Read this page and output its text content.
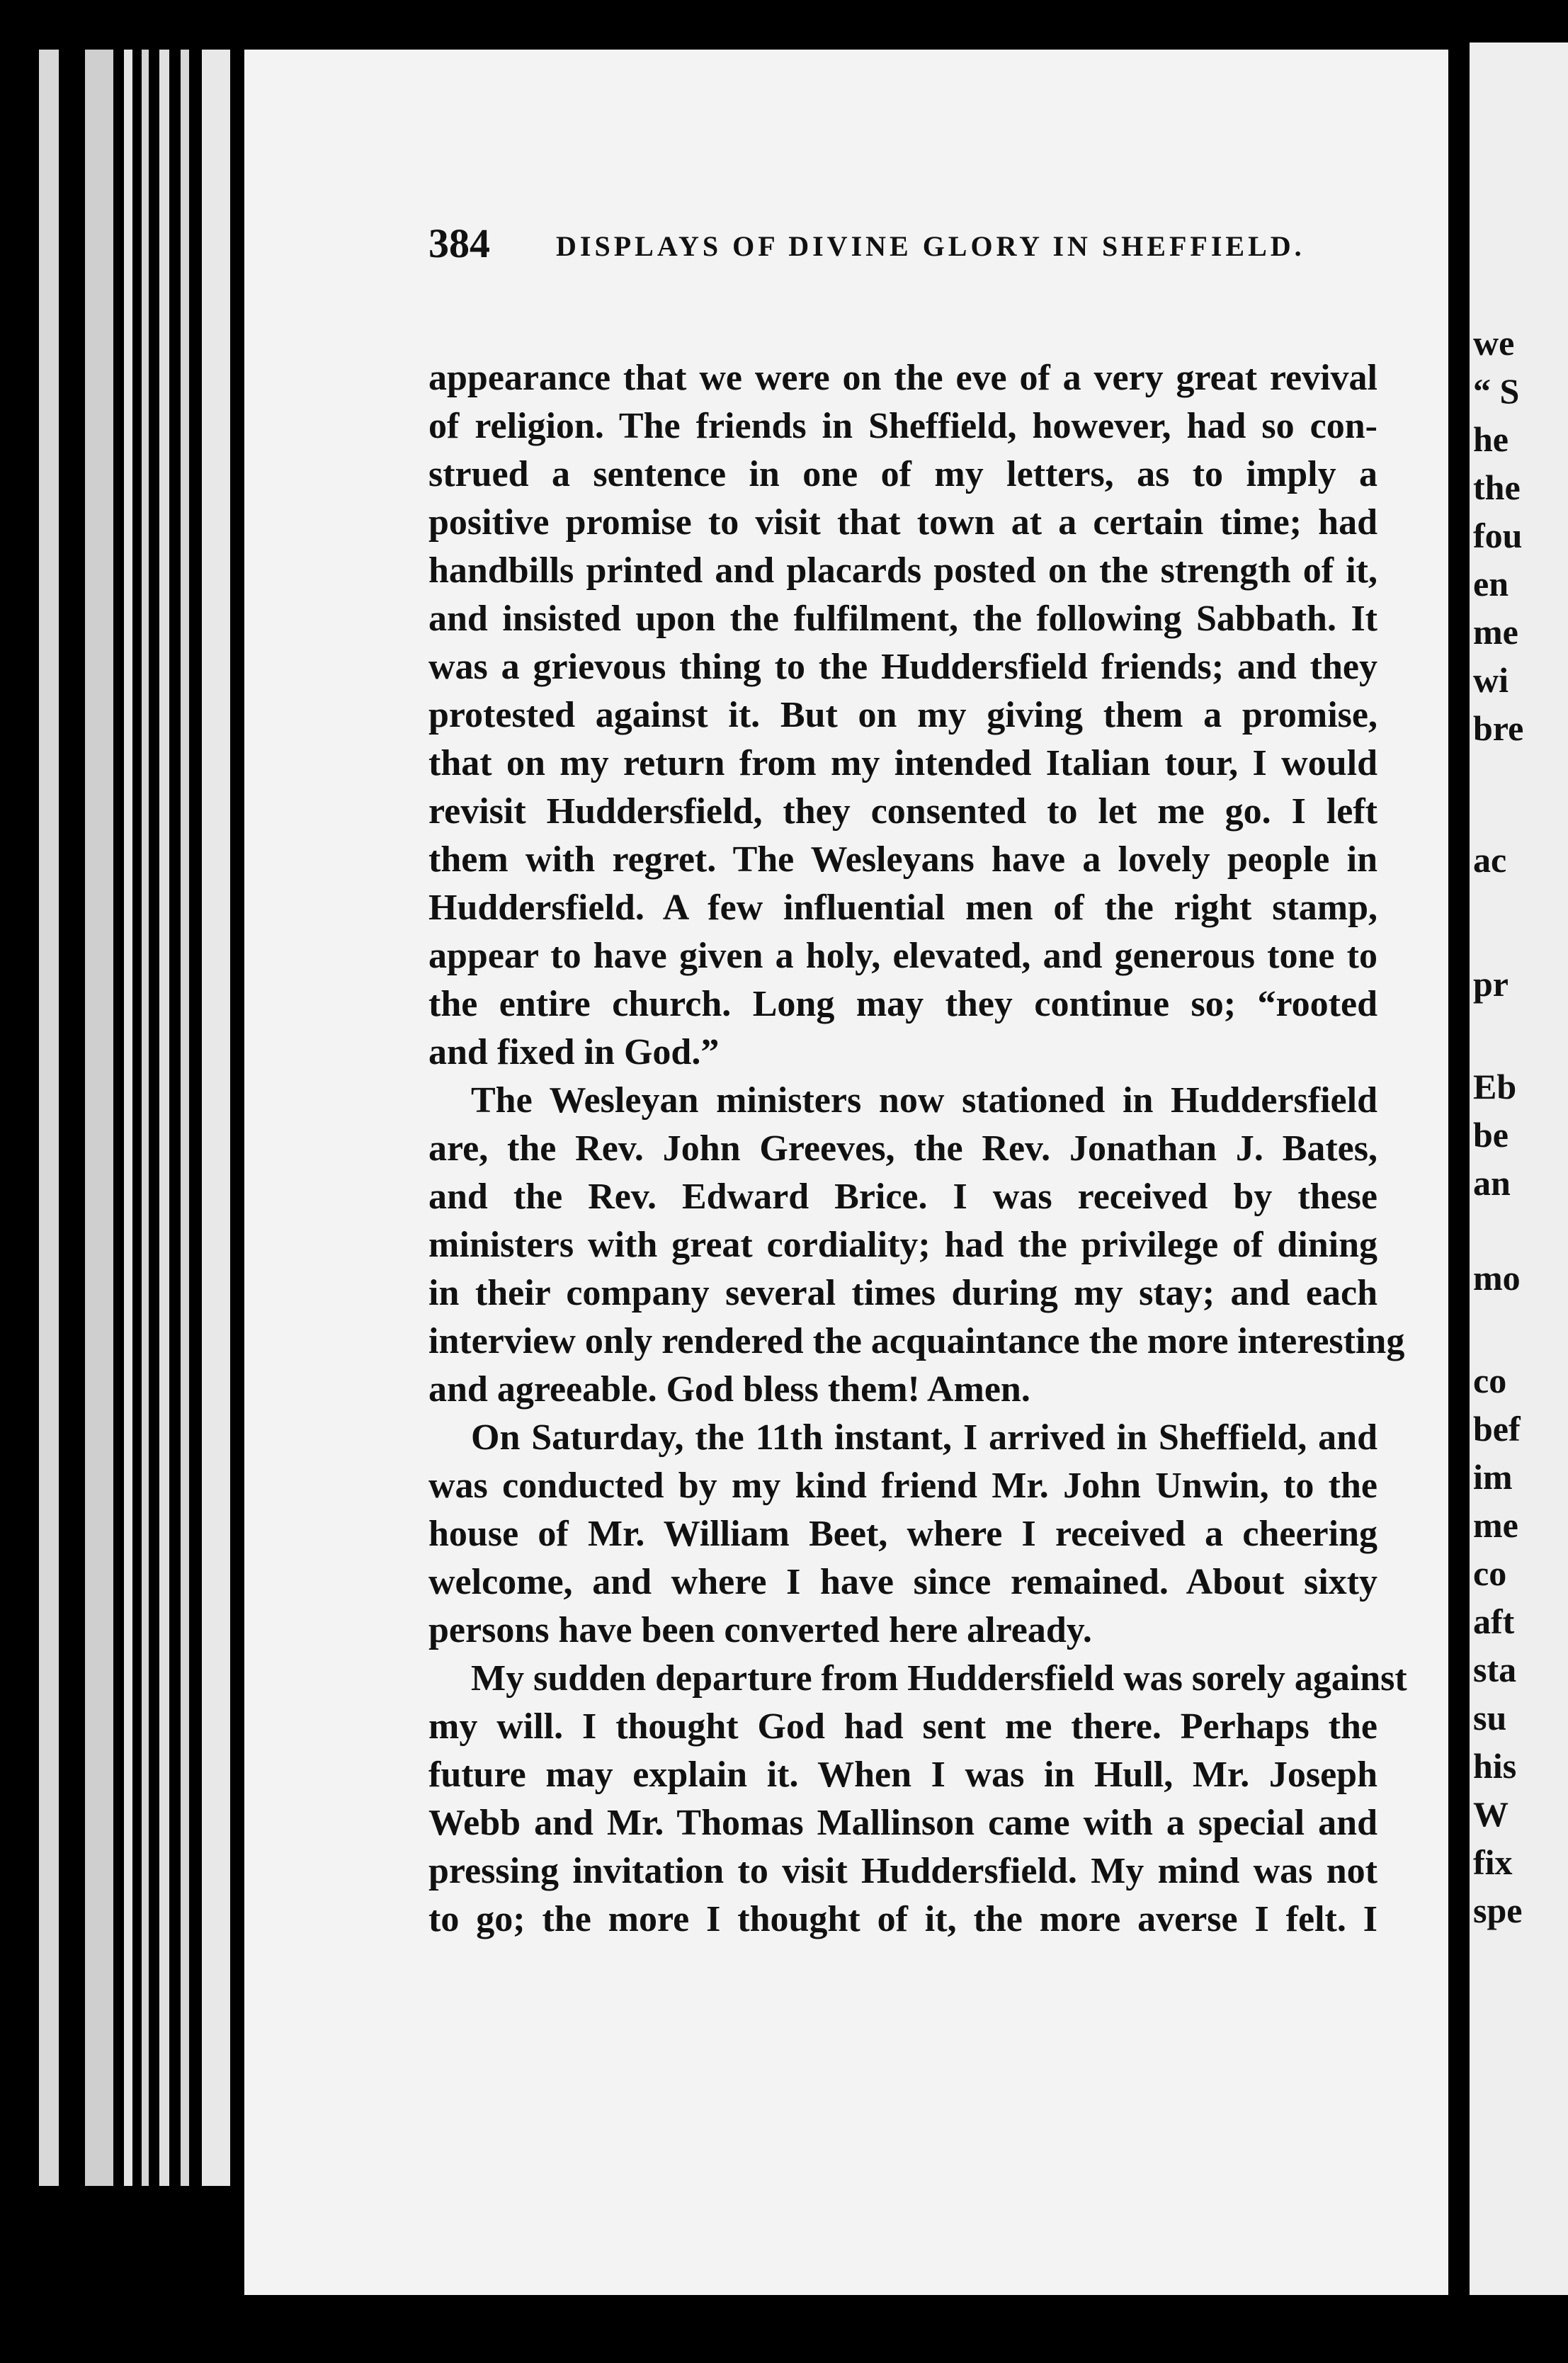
384 DISPLAYS OF DIVINE GLORY IN SHEFFIELD.
appearance that we were on the eve of a very great revival
of religion. The friends in Sheffield, however, had so con-
strued a sentence in one of my letters, as to imply a
positive promise to visit that town at a certain time; had
handbills printed and placards posted on the strength of it,
and insisted upon the fulfilment, the following Sabbath. It
was a grievous thing to the Huddersfield friends; and they
protested against it. But on my giving them a promise,
that on my return from my intended Italian tour, I would
revisit Huddersfield, they consented to let me go. I left
them with regret. The Wesleyans have a lovely people in
Huddersfield. A few influential men of the right stamp,
appear to have given a holy, elevated, and generous tone to
the entire church. Long may they continue so; “rooted
and fixed in God.”
The Wesleyan ministers now stationed in Huddersfield
are, the Rev. John Greeves, the Rev. Jonathan J. Bates,
and the Rev. Edward Brice. I was received by these
ministers with great cordiality; had the privilege of dining
in their company several times during my stay; and each
interview only rendered the acquaintance the more interesting
and agreeable. God bless them! Amen.
On Saturday, the 11th instant, I arrived in Sheffield, and
was conducted by my kind friend Mr. John Unwin, to the
house of Mr. William Beet, where I received a cheering
welcome, and where I have since remained. About sixty
persons have been converted here already.
My sudden departure from Huddersfield was sorely against
my will. I thought God had sent me there. Perhaps the
future may explain it. When I was in Hull, Mr. Joseph
Webb and Mr. Thomas Mallinson came with a special and
pressing invitation to visit Huddersfield. My mind was not
to go; the more I thought of it, the more averse I felt. I
we
“ S
he
the
fou
en
me
wi
bre
ac
pr
Eb
be
an
mo
co
bef
im
me
co
aft
sta
su
his
W
fix
spe
